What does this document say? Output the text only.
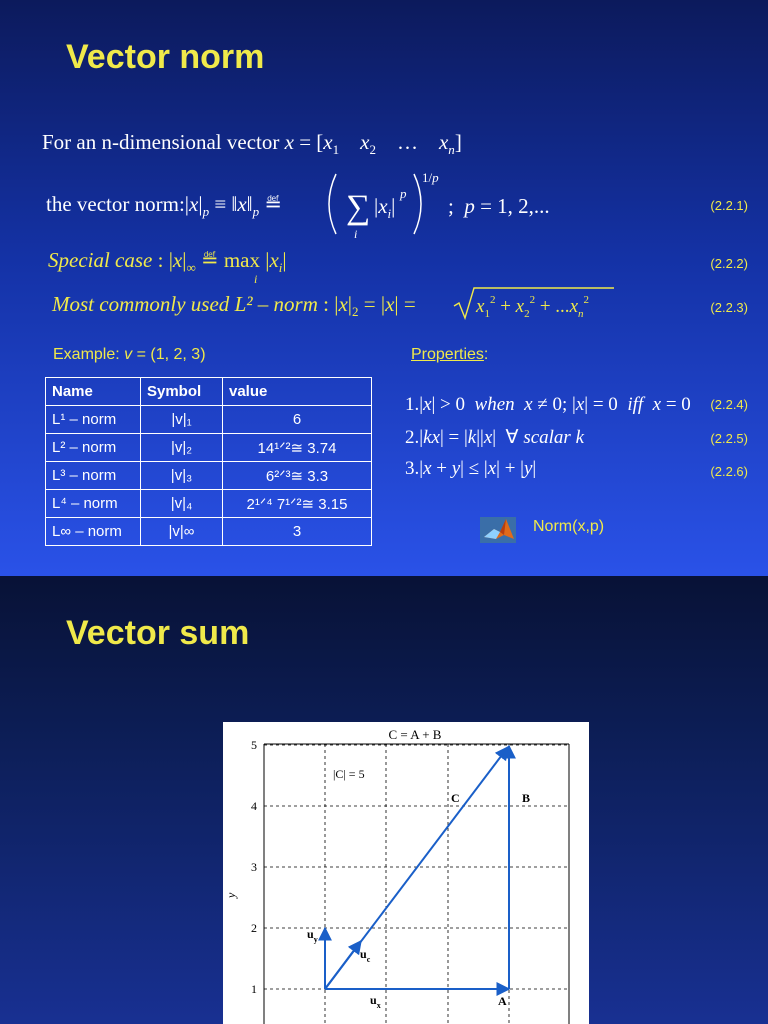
Vector norm
For an n-dimensional vector $x = [x_1$ $x_2$    …    $x_n$]
the vector $norm:|x|_p$ ≡ $‖x‖_p$ ≝ ∑
i
$|x_i|$
p
1/p
;  p = 1, 2,...	(2.2.1)
Special case : $|x|_\infty$ ≝ $\max |x_i|$
i
(2.2.2)
Most commonly used L² – norm : $|x|_2 = |x|$ =	$x_1^2 + x_2^2 + ...x_n^2$	(2.2.3)
Example: v = (1, 2, 3)	Properties:
Name	Symbol	value
L¹ – norm	|v|₁	6
L² – norm	|v|₂	14¹ᐟ²≅ 3.74
L³ – norm	|v|₃	6²ᐟ³≅ 3.3
L⁴ – norm	|v|₄	2¹ᐟ⁴ 7¹ᐟ²≅ 3.15
L∞ – norm	|v|∞	3
1.|x| > 0  when x ≠ 0; |x| = 0  iff x = 0 (2.2.4)
2.|kx| = |k||x|  ∀ scalar k	(2.2.5)
3.|x + y| ≤ |x| + |y|	(2.2.6)
Norm(x,p)
Vector sum
C = A + B
1
2
3
4
5
y
|C| = 5
C	B
A
$u_y$
$u_c$
$u_x$
